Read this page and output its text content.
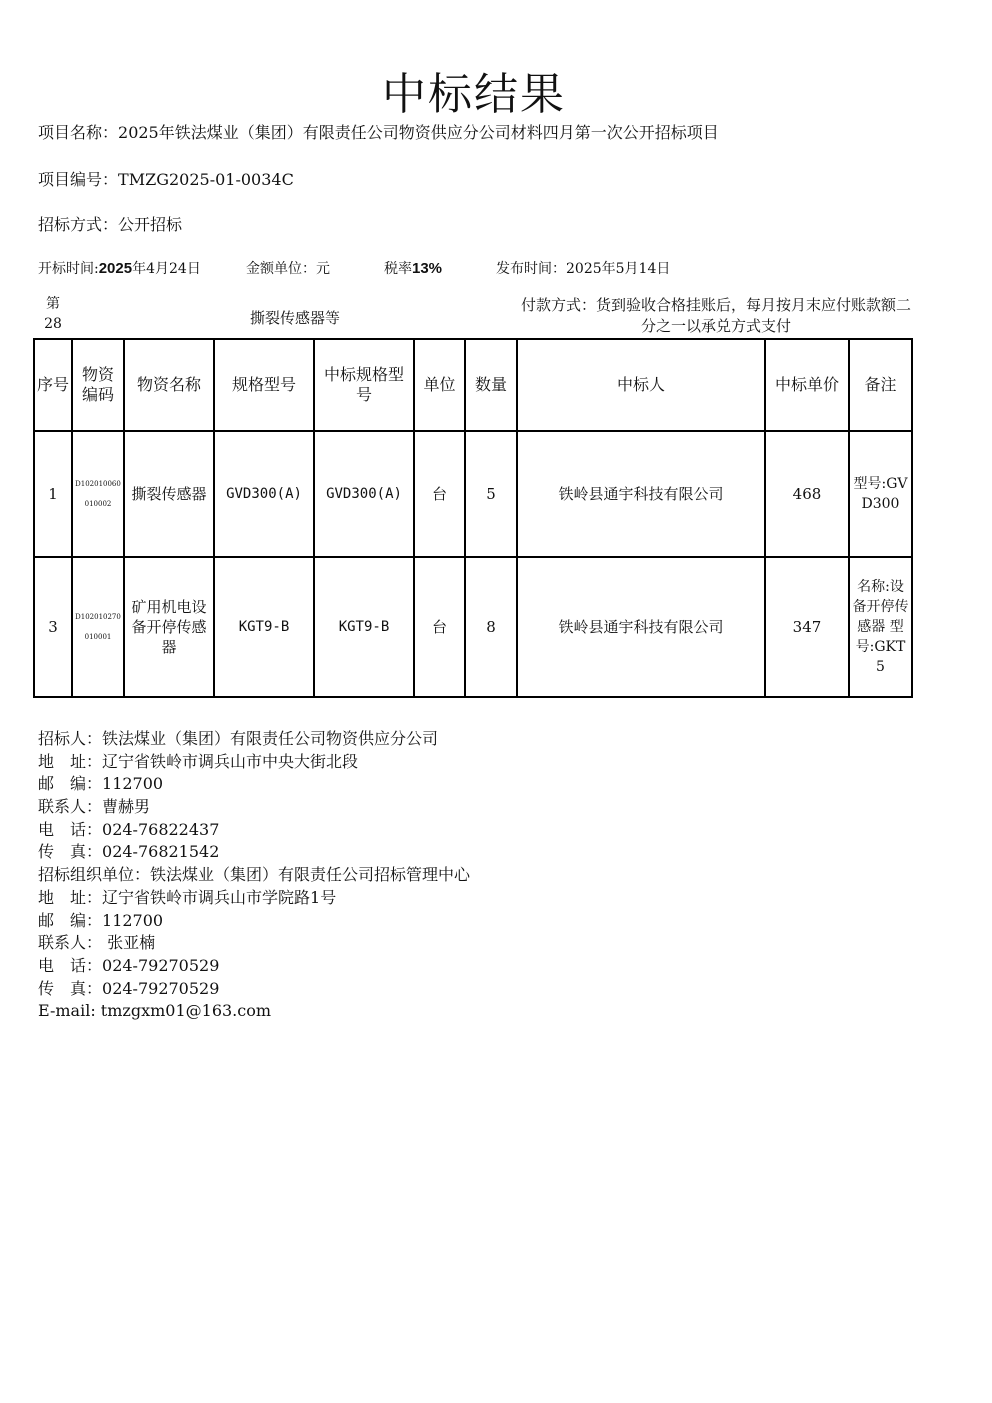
中标结果
项目名称：2025年铁法煤业（集团）有限责任公司物资供应分公司材料四月第一次公开招标项目
项目编号：TMZG2025-01-0034C
招标方式：公开招标
开标时间:2025年4月24日	金额单位：元	税率13%	发布时间：2025年5月14日
第
28	撕裂传感器等
付款方式：货到验收合格挂账后，每月按月末应付账款额二分之一以承兑方式支付
序号	物资编码	物资名称	规格型号	中标规格型号	单位	数量	中标人	中标单价	备注
1	D102010060010002	撕裂传感器	GVD300(A)	GVD300(A)	台	5	铁岭县通宇科技有限公司	468	型号:GVD300
3	D102010270010001	矿用机电设备开停传感器	KGT9-B	KGT9-B	台	8	铁岭县通宇科技有限公司	347	名称:设备开停传感器 型号:GKT5
招标人：铁法煤业（集团）有限责任公司物资供应分公司
地　址：辽宁省铁岭市调兵山市中央大街北段
邮　编：112700
联系人：曹赫男
电　话：024-76822437
传　真：024-76821542
招标组织单位：铁法煤业（集团）有限责任公司招标管理中心
地　址：辽宁省铁岭市调兵山市学院路1号
邮　编：112700
联系人： 张亚楠
电　话：024-79270529
传　真：024-79270529
E-mail: tmzgxm01@163.com
